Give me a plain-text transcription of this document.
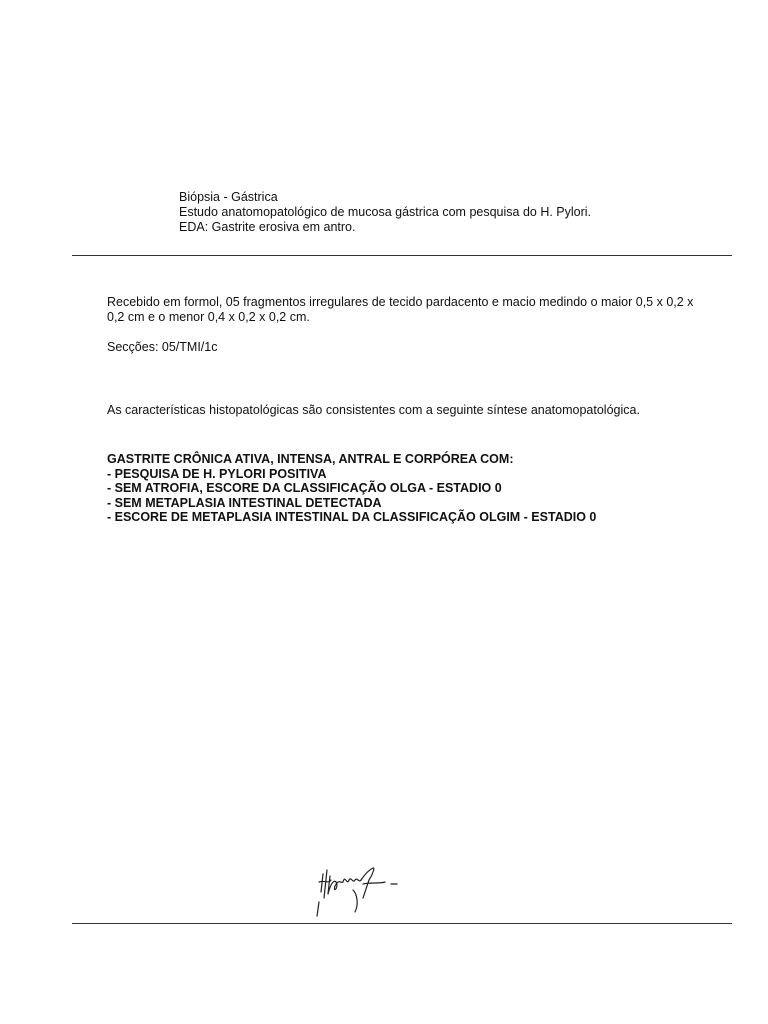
Biópsia - Gástrica
Estudo anatomopatológico de mucosa gástrica com pesquisa do H. Pylori.
EDA: Gastrite erosiva em antro.
Recebido em formol, 05 fragmentos irregulares de tecido pardacento e macio medindo o maior 0,5 x 0,2 x 0,2 cm e o menor 0,4 x 0,2 x 0,2 cm.
Secções: 05/TMI/1c
As características histopatológicas são consistentes com a seguinte síntese anatomopatológica.
GASTRITE CRÔNICA ATIVA, INTENSA, ANTRAL E CORPÓREA COM:
- PESQUISA DE H. PYLORI POSITIVA
- SEM ATROFIA, ESCORE DA CLASSIFICAÇÃO OLGA - ESTADIO 0
- SEM METAPLASIA INTESTINAL DETECTADA
- ESCORE DE METAPLASIA INTESTINAL DA CLASSIFICAÇÃO OLGIM - ESTADIO 0
